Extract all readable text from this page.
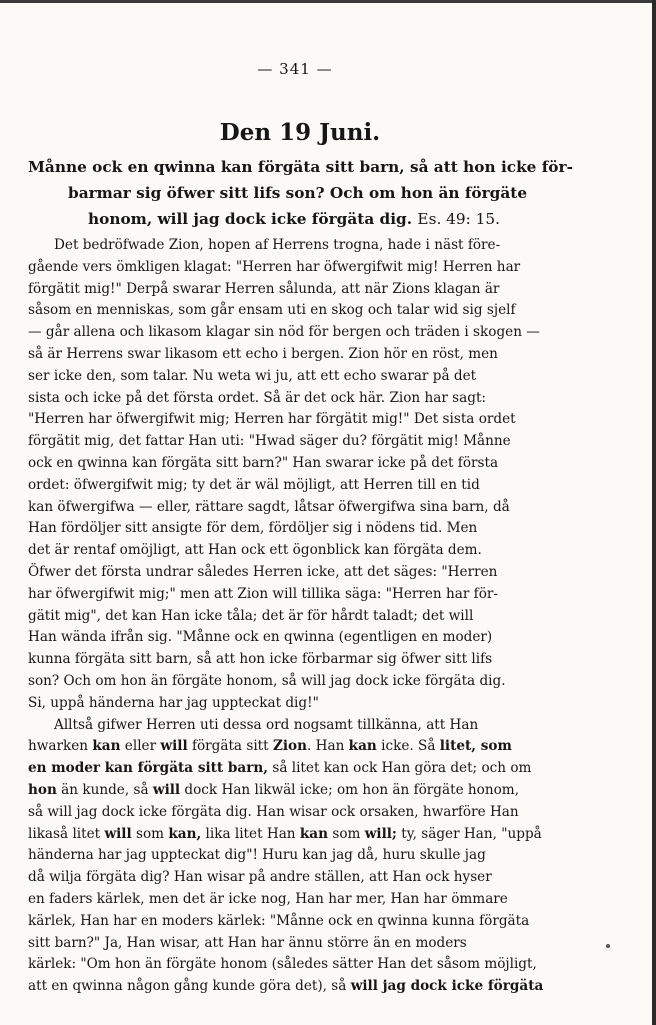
— 341 —
Den 19 Juni.
Månne ock en qwinna kan förgäta sitt barn, så att hon icke för-
barmar sig öfwer sitt lifs son? Och om hon än förgäte
honom, will jag dock icke förgäta dig. Es. 49: 15.
Det bedröfwade Zion, hopen af Herrens trogna, hade i näst före-
gående vers ömkligen klagat: "Herren har öfwergifwit mig! Herren har
förgätit mig!" Derpå swarar Herren sålunda, att när Zions klagan är
såsom en menniskas, som går ensam uti en skog och talar wid sig sjelf
— går allena och likasom klagar sin nöd för bergen och träden i skogen —
så är Herrens swar likasom ett echo i bergen. Zion hör en röst, men
ser icke den, som talar. Nu weta wi ju, att ett echo swarar på det
sista och icke på det första ordet. Så är det ock här. Zion har sagt:
"Herren har öfwergifwit mig; Herren har förgätit mig!" Det sista ordet
förgätit mig, det fattar Han uti: "Hwad säger du? förgätit mig! Månne
ock en qwinna kan förgäta sitt barn?" Han swarar icke på det första
ordet: öfwergifwit mig; ty det är wäl möjligt, att Herren till en tid
kan öfwergifwa — eller, rättare sagdt, låtsar öfwergifwa sina barn, då
Han fördöljer sitt ansigte för dem, fördöljer sig i nödens tid. Men
det är rentaf omöjligt, att Han ock ett ögonblick kan förgäta dem.
Öfwer det första undrar således Herren icke, att det säges: "Herren
har öfwergifwit mig;" men att Zion will tillika säga: "Herren har för-
gätit mig", det kan Han icke tåla; det är för hårdt taladt; det will
Han wända ifrån sig. "Månne ock en qwinna (egentligen en moder)
kunna förgäta sitt barn, så att hon icke förbarmar sig öfwer sitt lifs
son? Och om hon än förgäte honom, så will jag dock icke förgäta dig.
Si, uppå händerna har jag uppteckat dig!"
Alltså gifwer Herren uti dessa ord nogsamt tillkänna, att Han
hwarken kan eller will förgäta sitt Zion. Han kan icke. Så litet, som
en moder kan förgäta sitt barn, så litet kan ock Han göra det; och om
hon än kunde, så will dock Han likwäl icke; om hon än förgäte honom,
så will jag dock icke förgäta dig. Han wisar ock orsaken, hwarföre Han
likaså litet will som kan, lika litet Han kan som will; ty, säger Han, "uppå
händerna har jag uppteckat dig"! Huru kan jag då, huru skulle jag
då wilja förgäta dig? Han wisar på andre ställen, att Han ock hyser
en faders kärlek, men det är icke nog, Han har mer, Han har ömmare
kärlek, Han har en moders kärlek: "Månne ock en qwinna kunna förgäta
sitt barn?" Ja, Han wisar, att Han har ännu större än en moders
kärlek: "Om hon än förgäte honom (således sätter Han det såsom möjligt,
att en qwinna någon gång kunde göra det), så will jag dock icke förgäta
